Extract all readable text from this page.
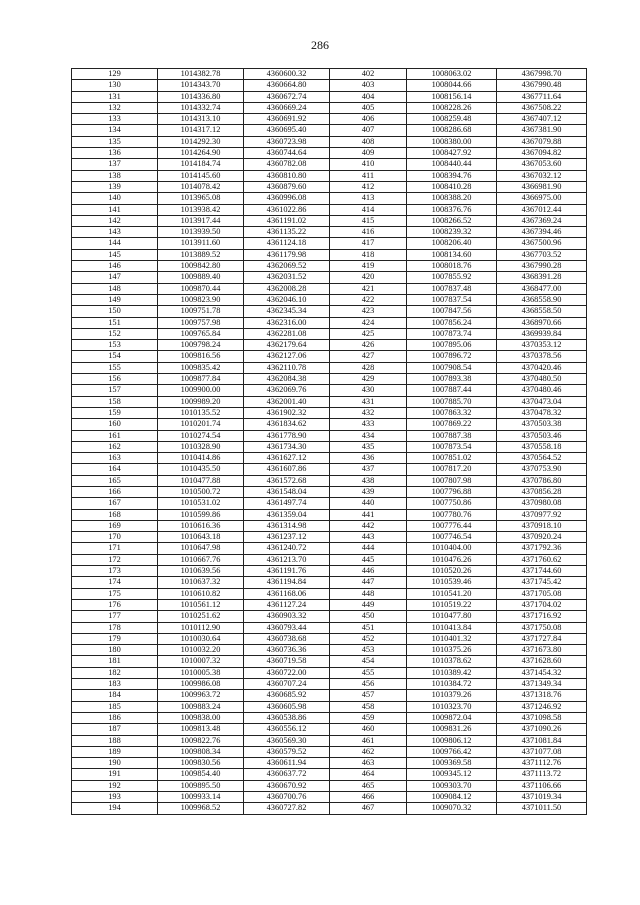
286
129	1014382.78	4360600.32	402	1008063.02	4367998.70
130	1014343.70	4360664.80	403	1008044.66	4367990.48
131	1014336.80	4360672.74	404	1008156.14	4367711.64
132	1014332.74	4360669.24	405	1008228.26	4367508.22
133	1014313.10	4360691.92	406	1008259.48	4367407.12
134	1014317.12	4360695.40	407	1008286.68	4367381.90
135	1014292.30	4360723.98	408	1008380.00	4367079.88
136	1014264.90	4360744.64	409	1008427.92	4367094.82
137	1014184.74	4360782.08	410	1008440.44	4367053.60
138	1014145.60	4360810.80	411	1008394.76	4367032.12
139	1014078.42	4360879.60	412	1008410.28	4366981.90
140	1013965.08	4360996.08	413	1008388.20	4366975.00
141	1013938.42	4361022.86	414	1008376.76	4367012.44
142	1013917.44	4361191.02	415	1008266.52	4367369.24
143	1013939.50	4361135.22	416	1008239.32	4367394.46
144	1013911.60	4361124.18	417	1008206.40	4367500.96
145	1013889.52	4361179.98	418	1008134.60	4367703.52
146	1009842.80	4362069.52	419	1008018.76	4367990.28
147	1009889.40	4362031.52	420	1007855.92	4368391.28
148	1009870.44	4362008.28	421	1007837.48	4368477.00
149	1009823.90	4362046.10	422	1007837.54	4368558.90
150	1009751.78	4362345.34	423	1007847.56	4368558.50
151	1009757.98	4362316.00	424	1007856.24	4368970.66
152	1009765.84	4362281.08	425	1007873.74	4369939.84
153	1009798.24	4362179.64	426	1007895.06	4370353.12
154	1009816.56	4362127.06	427	1007896.72	4370378.56
155	1009835.42	4362110.78	428	1007908.54	4370420.46
156	1009877.84	4362084.38	429	1007893.38	4370480.50
157	1009900.00	4362069.76	430	1007887.44	4370480.46
158	1009989.20	4362001.40	431	1007885.70	4370473.04
159	1010135.52	4361902.32	432	1007863.32	4370478.32
160	1010201.74	4361834.62	433	1007869.22	4370503.38
161	1010274.54	4361778.90	434	1007887.38	4370503.46
162	1010328.90	4361734.30	435	1007873.54	4370558.18
163	1010414.86	4361627.12	436	1007851.02	4370564.52
164	1010435.50	4361607.86	437	1007817.20	4370753.90
165	1010477.88	4361572.68	438	1007807.98	4370786.80
166	1010500.72	4361548.04	439	1007796.88	4370856.28
167	1010531.02	4361497.74	440	1007750.86	4370980.08
168	1010599.86	4361359.04	441	1007780.76	4370977.92
169	1010616.36	4361314.98	442	1007776.44	4370918.10
170	1010643.18	4361237.12	443	1007746.54	4370920.24
171	1010647.98	4361240.72	444	1010404.00	4371792.36
172	1010667.76	4361213.70	445	1010476.26	4371760.62
173	1010639.56	4361191.76	446	1010520.26	4371744.60
174	1010637.32	4361194.84	447	1010539.46	4371745.42
175	1010610.82	4361168.06	448	1010541.20	4371705.08
176	1010561.12	4361127.24	449	1010519.22	4371704.02
177	1010251.62	4360903.32	450	1010477.80	4371716.92
178	1010112.90	4360793.44	451	1010413.84	4371750.08
179	1010030.64	4360738.68	452	1010401.32	4371727.84
180	1010032.20	4360736.36	453	1010375.26	4371673.80
181	1010007.32	4360719.58	454	1010378.62	4371628.60
182	1010005.38	4360722.00	455	1010389.42	4371454.32
183	1009986.08	4360707.24	456	1010384.72	4371349.34
184	1009963.72	4360685.92	457	1010379.26	4371318.76
185	1009883.24	4360605.98	458	1010323.70	4371246.92
186	1009838.00	4360538.86	459	1009872.04	4371098.58
187	1009813.48	4360556.12	460	1009831.26	4371090.26
188	1009822.76	4360569.30	461	1009806.12	4371081.84
189	1009808.34	4360579.52	462	1009766.42	4371077.08
190	1009830.56	4360611.94	463	1009369.58	4371112.76
191	1009854.40	4360637.72	464	1009345.12	4371113.72
192	1009895.50	4360670.92	465	1009303.70	4371106.66
193	1009933.14	4360700.76	466	1009084.12	4371019.34
194	1009968.52	4360727.82	467	1009070.32	4371011.50
